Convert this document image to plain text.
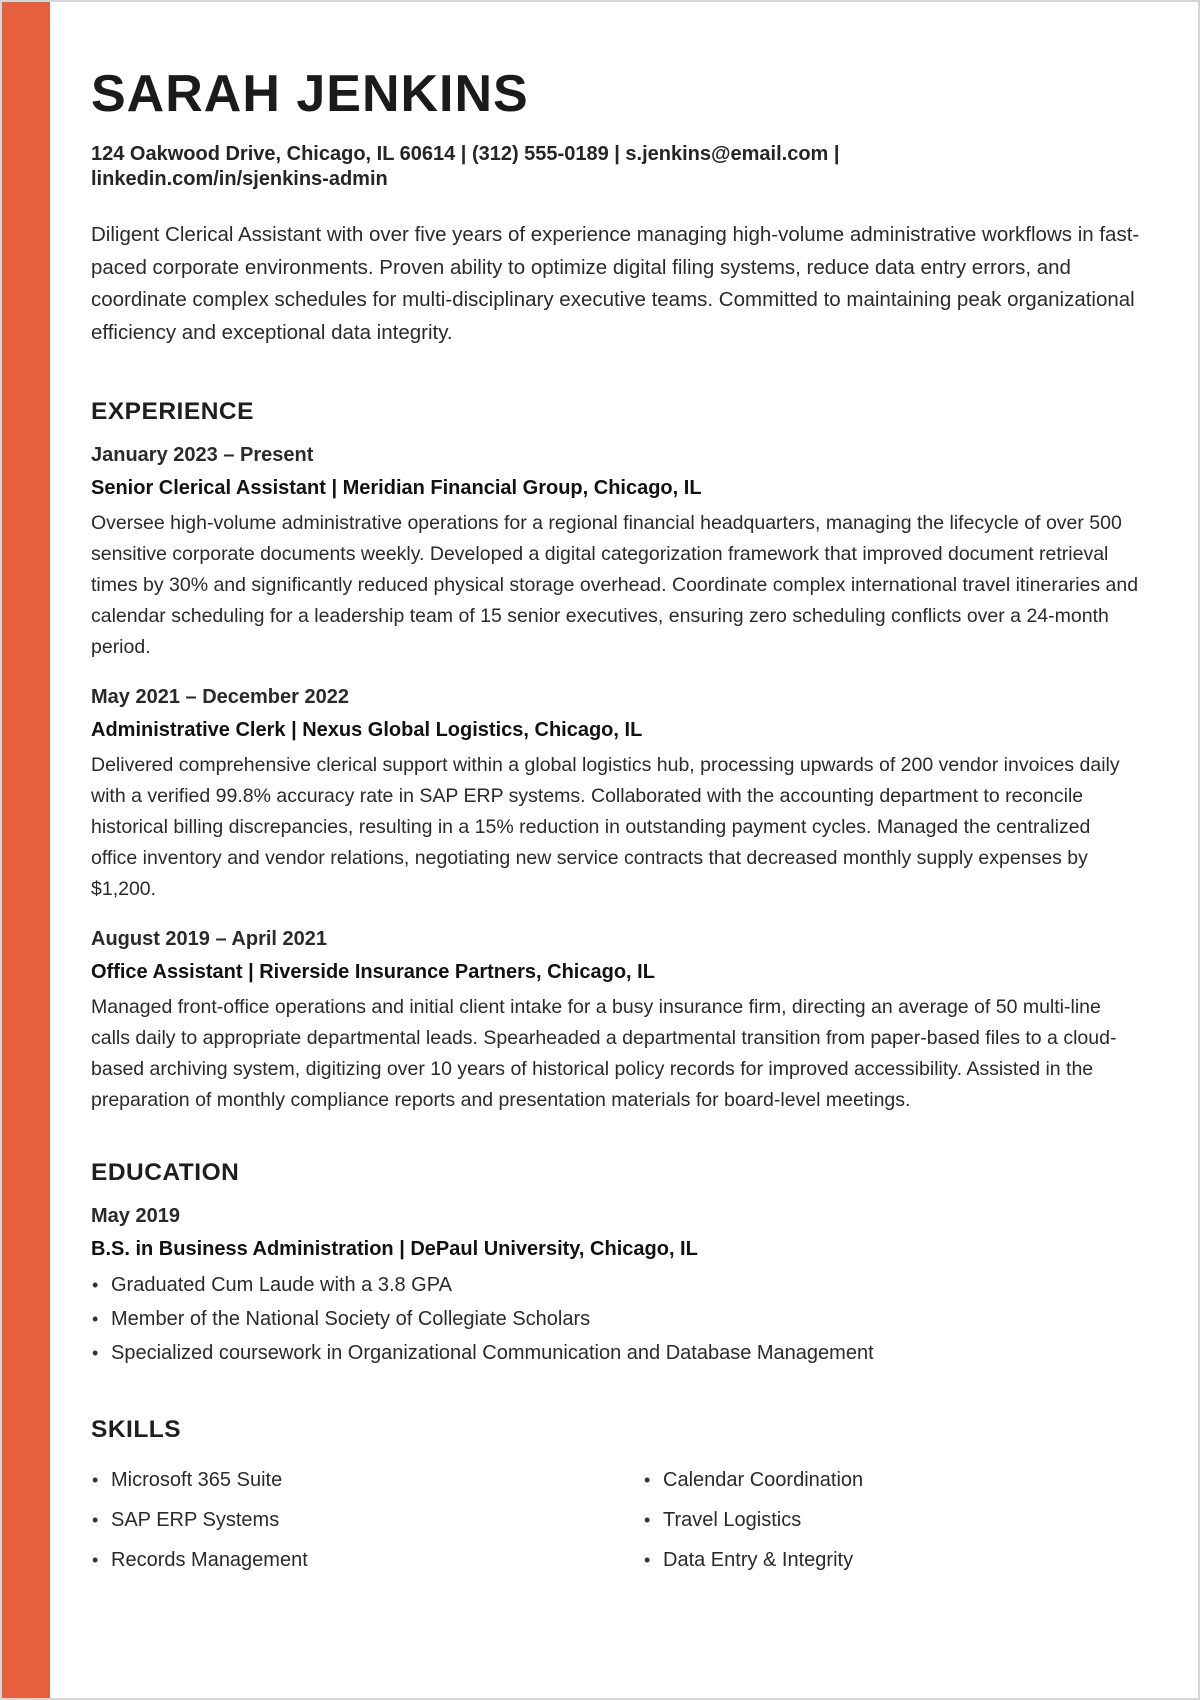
SARAH JENKINS
124 Oakwood Drive, Chicago, IL 60614 | (312) 555-0189 | s.jenkins@email.com |
linkedin.com/in/sjenkins-admin

Diligent Clerical Assistant with over five years of experience managing high-volume administrative workflows in fast-paced corporate environments. Proven ability to optimize digital filing systems, reduce data entry errors, and coordinate complex schedules for multi-disciplinary executive teams. Committed to maintaining peak organizational efficiency and exceptional data integrity.

EXPERIENCE
January 2023 – Present
Senior Clerical Assistant | Meridian Financial Group, Chicago, IL

Oversee high-volume administrative operations for a regional financial headquarters, managing the lifecycle of over 500 sensitive corporate documents weekly. Developed a digital categorization framework that improved document retrieval times by 30% and significantly reduced physical storage overhead. Coordinate complex international travel itineraries and calendar scheduling for a leadership team of 15 senior executives, ensuring zero scheduling conflicts over a 24-month period.

May 2021 – December 2022
Administrative Clerk | Nexus Global Logistics, Chicago, IL

Delivered comprehensive clerical support within a global logistics hub, processing upwards of 200 vendor invoices daily with a verified 99.8% accuracy rate in SAP ERP systems. Collaborated with the accounting department to reconcile historical billing discrepancies, resulting in a 15% reduction in outstanding payment cycles. Managed the centralized office inventory and vendor relations, negotiating new service contracts that decreased monthly supply expenses by $1,200.

August 2019 – April 2021
Office Assistant | Riverside Insurance Partners, Chicago, IL

Managed front-office operations and initial client intake for a busy insurance firm, directing an average of 50 multi-line calls daily to appropriate departmental leads. Spearheaded a departmental transition from paper-based files to a cloud-based archiving system, digitizing over 10 years of historical policy records for improved accessibility. Assisted in the preparation of monthly compliance reports and presentation materials for board-level meetings.

EDUCATION
May 2019
B.S. in Business Administration | DePaul University, Chicago, IL
• Graduated Cum Laude with a 3.8 GPA
• Member of the National Society of Collegiate Scholars
• Specialized coursework in Organizational Communication and Database Management
SKILLS
• Microsoft 365 Suite	• Calendar Coordination
• SAP ERP Systems	• Travel Logistics
• Records Management	• Data Entry & Integrity
